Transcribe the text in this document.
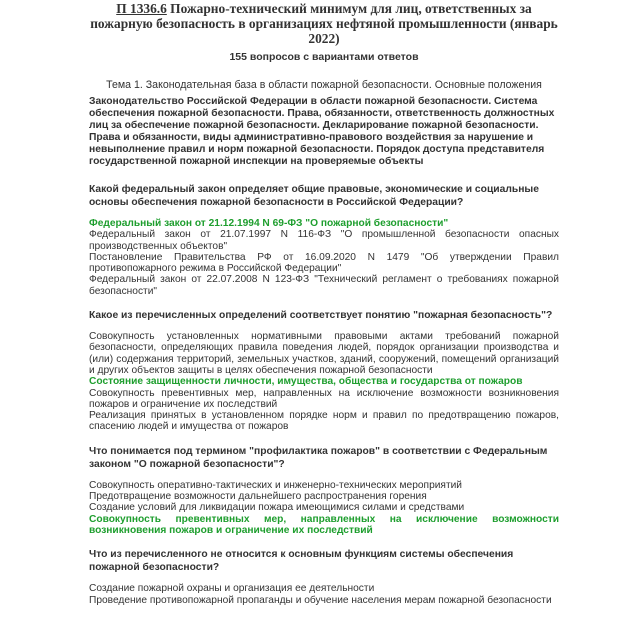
П 1336.6 Пожарно-технический минимум для лиц, ответственных за пожарную безопасность в организациях нефтяной промышленности (январь 2022)
155 вопросов с вариантами ответов
Тема 1. Законодательная база в области пожарной безопасности. Основные положения
Законодательство Российской Федерации в области пожарной безопасности. Система обеспечения пожарной безопасности. Права, обязанности, ответственность должностных лиц за обеспечение пожарной безопасности. Декларирование пожарной безопасности. Права и обязанности, виды административно-правового воздействия за нарушение и невыполнение правил и норм пожарной безопасности. Порядок доступа представителя государственной пожарной инспекции на проверяемые объекты
Какой федеральный закон определяет общие правовые, экономические и социальные основы обеспечения пожарной безопасности в Российской Федерации?
Федеральный закон от 21.12.1994 N 69-ФЗ "О пожарной безопасности"
Федеральный закон от 21.07.1997 N 116-ФЗ "О промышленной безопасности опасных производственных объектов"
Постановление Правительства РФ от 16.09.2020 N 1479 "Об утверждении Правил противопожарного режима в Российской Федерации"
Федеральный закон от 22.07.2008 N 123-ФЗ "Технический регламент о требованиях пожарной безопасности"
Какое из перечисленных определений соответствует понятию "пожарная безопасность"?
Совокупность установленных нормативными правовыми актами требований пожарной безопасности, определяющих правила поведения людей, порядок организации производства и (или) содержания территорий, земельных участков, зданий, сооружений, помещений организаций и других объектов защиты в целях обеспечения пожарной безопасности
Состояние защищенности личности, имущества, общества и государства от пожаров
Совокупность превентивных мер, направленных на исключение возможности возникновения пожаров и ограничение их последствий
Реализация принятых в установленном порядке норм и правил по предотвращению пожаров, спасению людей и имущества от пожаров
Что понимается под термином "профилактика пожаров" в соответствии с Федеральным законом "О пожарной безопасности"?
Совокупность оперативно-тактических и инженерно-технических мероприятий
Предотвращение возможности дальнейшего распространения горения
Создание условий для ликвидации пожара имеющимися силами и средствами
Совокупность превентивных мер, направленных на исключение возможности возникновения пожаров и ограничение их последствий
Что из перечисленного не относится к основным функциям системы обеспечения пожарной безопасности?
Создание пожарной охраны и организация ее деятельности
Проведение противопожарной пропаганды и обучение населения мерам пожарной безопасности
